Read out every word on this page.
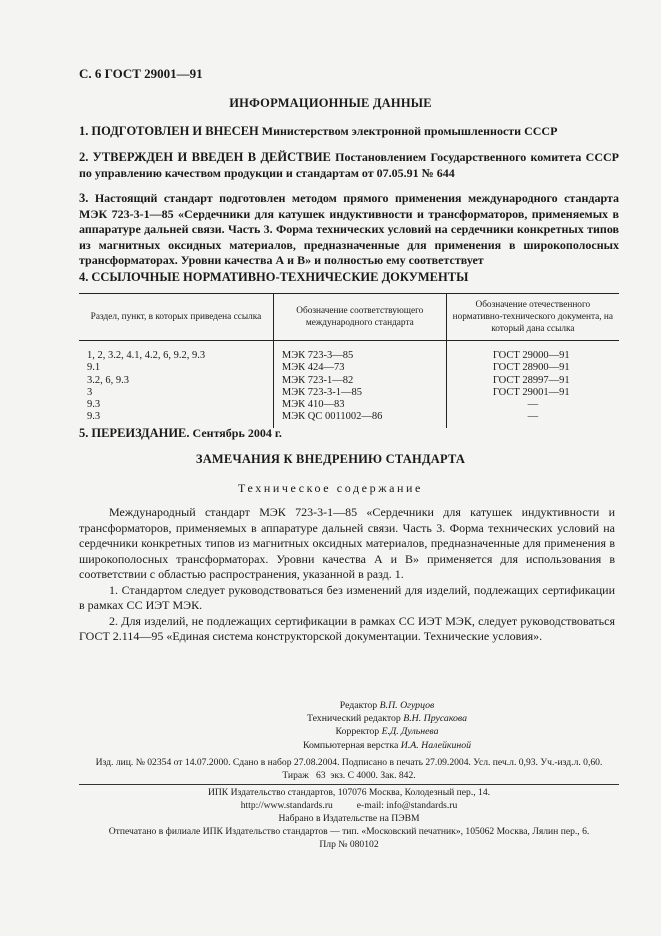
С. 6 ГОСТ 29001—91
ИНФОРМАЦИОННЫЕ ДАННЫЕ
1. ПОДГОТОВЛЕН И ВНЕСЕН Министерством электронной промышленности СССР
2. УТВЕРЖДЕН И ВВЕДЕН В ДЕЙСТВИЕ Постановлением Государственного комитета СССР по управлению качеством продукции и стандартам от 07.05.91 № 644
3. Настоящий стандарт подготовлен методом прямого применения международного стандарта МЭК 723-3-1—85 «Сердечники для катушек индуктивности и трансформаторов, применяемых в аппаратуре дальней связи. Часть 3. Форма технических условий на сердечники конкретных типов из магнитных оксидных материалов, предназначенные для применения в широкополосных трансформаторах. Уровни качества А и В» и полностью ему соответствует
4. ССЫЛОЧНЫЕ НОРМАТИВНО-ТЕХНИЧЕСКИЕ ДОКУМЕНТЫ
Раздел, пункт, в которых приведена ссылка	Обозначение соответствующего международного стандарта	Обозначение отечественного нормативно-технического документа, на который дана ссылка
1, 2, 3.2, 4.1, 4.2, 6, 9.2, 9.3	МЭК 723-3—85	ГОСТ 29000—91
9.1	МЭК 424—73	ГОСТ 28900—91
3.2, 6, 9.3	МЭК 723-1—82	ГОСТ 28997—91
3	МЭК 723-3-1—85	ГОСТ 29001—91
9.3	МЭК 410—83	—
9.3	МЭК QC 0011002—86	—
5. ПЕРЕИЗДАНИЕ. Сентябрь 2004 г.
ЗАМЕЧАНИЯ К ВНЕДРЕНИЮ СТАНДАРТА
Техническое содержание

Международный стандарт МЭК 723-3-1—85 «Сердечники для катушек индуктивности и трансформаторов, применяемых в аппаратуре дальней связи. Часть 3. Форма технических условий на сердечники конкретных типов из магнитных оксидных материалов, предназначенные для применения в широкополосных трансформаторах. Уровни качества А и В» применяется для использования в соответствии с областью распространения, указанной в разд. 1.

1. Стандартом следует руководствоваться без изменений для изделий, подлежащих сертификации в рамках СС ИЭТ МЭК.

2. Для изделий, не подлежащих сертификации в рамках СС ИЭТ МЭК, следует руководствоваться ГОСТ 2.114—95 «Единая система конструкторской документации. Технические условия».

Редактор В.П. Огурцов
Технический редактор В.Н. Прусакова
Корректор Е.Д. Дульнева
Компьютерная верстка И.А. Налейкиной
Изд. лиц. № 02354 от 14.07.2000. Сдано в набор 27.08.2004. Подписано в печать 27.09.2004. Усл. печ.л. 0,93. Уч.-изд.л. 0,60.
Тираж   63  экз. С 4000. Зак. 842.
ИПК Издательство стандартов, 107076 Москва, Колодезный пер., 14.
http://www.standards.ru          e-mail: info@standards.ru
Набрано в Издательстве на ПЭВМ
Отпечатано в филиале ИПК Издательство стандартов — тип. «Московский печатник», 105062 Москва, Лялин пер., 6.
Плр № 080102
